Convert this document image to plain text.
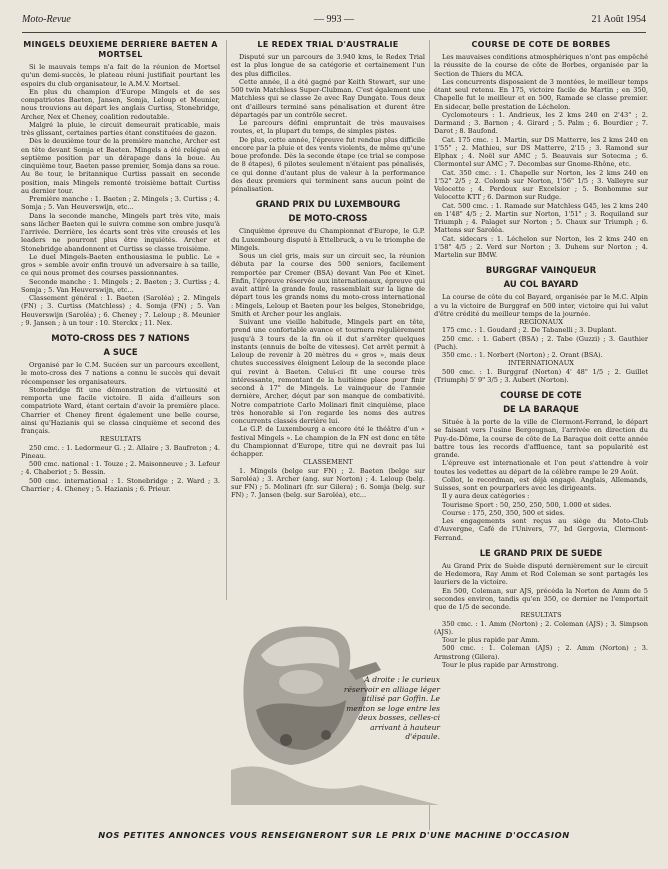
Moto-Revue	— 993 —	21 Août 1954
MINGELS DEUXIEME DERRIERE BAETEN A MORTSEL

Si le mauvais temps n'a fait de la réunion de Mortsel qu'un demi-succès, le plateau réuni justifiait pourtant les espoirs du club organisateur, le A.M.V. Mortsel.

En plus du champion d'Europe Mingels et de ses compatriotes Baeten, Jansen, Somja, Leloup et Meunier, nous trouvions au départ les anglais Curtiss, Stonebridge, Archer, Nex et Cheney, coalition redoutable.

Malgré la pluie, le circuit demeurait praticable, mais très glissant, certaines parties étant constituées de gazon.

Dès le deuxième tour de la première manche, Archer est en tête devant Somja et Baeten. Mingels a été relégué en septième position par un dérapage dans la boue. Au cinquième tour, Baeten passe premier, Somja dans sa roue. Au 8e tour, le britannique Curtiss passait en seconde position, mais Mingels remonté troisième battait Curtiss au dernier tour.

Première manche : 1. Baeten ; 2. Mingels ; 3. Curtiss ; 4. Somja ; 5. Van Heuverswijn, etc...

Dans la seconde manche, Mingels part très vite, mais sans lâcher Baeten qui le suivra comme son ombre jusqu'à l'arrivée. Derrière, les écarts sont très vite creusés et les leaders ne pourront plus être inquiétés. Archer et Stonebridge abandonnent et Curtiss se classe troisième.

Le duel Mingels-Baeten enthousiasma le public. Le « gros » semble avoir enfin trouvé un adversaire à sa taille, ce qui nous promet des courses passionnantes.

Seconde manche : 1. Mingels ; 2. Baeten ; 3. Curtiss ; 4. Somja ; 5. Van Heuverswijn, etc...

Classement général : 1. Baeten (Saroléa) ; 2. Mingels (FN) ; 3. Curtiss (Matchless) ; 4. Somja (FN) ; 5. Van Heuverswijn (Saroléa) ; 6. Cheney ; 7. Leloup ; 8. Meunier ; 9. Jansen ; à un tour : 10. Sterckx ; 11. Nex.

MOTO-CROSS DES 7 NATIONS
A SUCE

Organisé par le C.M. Sucéen sur un parcours excellent, le moto-cross des 7 nations a connu le succès qui devait récompenser les organisateurs.

Stonebridge fit une démonstration de virtuosité et remporta une facile victoire. Il aida d'ailleurs son compatriote Ward, étant certain d'avoir la première place. Charrier et Cheney firent également une belle course, ainsi qu'Hazianis qui se classa cinquième et second des français.

RESULTATS

250 cmc. : 1. Ledormeur G. ; 2. Allaire ; 3. Baufreton ; 4. Pineau.

500 cmc. national : 1. Touze ; 2. Maisonneuve ; 3. Lefeur ; 4. Chaberiot ; 5. Bessin.

500 cmc. international : 1. Stonebridge ; 2. Ward ; 3. Charrier ; 4. Cheney ; 5. Hazianis ; 6. Prieur.

LE REDEX TRIAL D'AUSTRALIE

Disputé sur un parcours de 3.940 kms, le Redex Trial est la plus longue de sa catégorie et certainement l'un des plus difficiles.

Cette année, il a été gagné par Keith Stewart, sur une 500 twin Matchless Super-Clubman. C'est également une Matchless qui se classe 2e avec Ray Dungate. Tous deux ont d'ailleurs terminé sans pénalisation et durent être départagés par un contrôle secret.

Le parcours défini empruntait de très mauvaises routes, et, la plupart du temps, de simples pistes.

De plus, cette année, l'épreuve fut rendue plus difficile encore par la pluie et des vents violents, de même qu'une boue profonde. Dès la seconde étape (ce trial se compose de 8 étapes), 6 pilotes seulement n'étaient pas pénalisés, ce qui donne d'autant plus de valeur à la performance des deux premiers qui terminent sans aucun point de pénalisation.

GRAND PRIX DU LUXEMBOURG
DE MOTO-CROSS

Cinquième épreuve du Championnat d'Europe, le G.P. du Luxembourg disputé à Ettelbruck, a vu le triomphe de Mingels.

Sous un ciel gris, mais sur un circuit sec, la réunion débuta par la course des 500 seniors, facilement remportée par Cremer (BSA) devant Van Pee et Kinet. Enfin, l'épreuve réservée aux internationaux, épreuve qui avait attiré la grande foule, rassemblait sur la ligne de départ tous les grands noms du moto-cross international : Mingels, Leloup et Baeten pour les belges, Stonebridge, Smith et Archer pour les anglais.

Suivant une vieille habitude, Mingels part en tête, prend une confortable avance et tournera régulièrement jusqu'à 3 tours de la fin où il dut s'arrêter quelques instants (ennuis de boîte de vitesses). Cet arrêt permit à Leloup de revenir à 20 mètres du « gros », mais deux chutes successives éloignent Leloup de la seconde place qui revint à Baeten. Celui-ci fit une course très intéressante, remontant de la huitième place pour finir second à 17" de Mingels. Le vainqueur de l'année dernière, Archer, déçut par son manque de combativité. Notre compatriote Carlo Molinari finit cinquième, place très honorable si l'on regarde les noms des autres concurrents classés derrière lui.

Le G.P. de Luxembourg a encore été le théâtre d'un « festival Mingels ». Le champion de la FN est donc en tête du Championnat d'Europe, titre qui ne devrait pas lui échapper.

CLASSEMENT

1. Mingels (belge sur FN) ; 2. Baeten (belge sur Saroléa) ; 3. Archer (ang. sur Norton) ; 4. Leloup (belg. sur FN) ; 5. Molinari (fr. sur Gilera) ; 6. Somja (belg. sur FN) ; 7. Jansen (belg. sur Saroléa), etc...

A droite : le curieux réservoir en alliage léger utilisé par Goffin. Le menton se loge entre les deux bosses, celles-ci arrivant à hauteur d'épaule.
COURSE DE COTE DE BORBES

Les mauvaises conditions atmosphériques n'ont pas empêché la réussite de la course de côte de Borbes, organisée par la Section de Thiers du MCA.

Les concurrents disposaient de 3 montées, le meilleur temps étant seul retenu. En 175, victoire facile de Martin ; en 350, Chapelle fut le meilleur et en 500, Ramade se classe premier. En sidecar, belle prestation de Léchelon.

Cyclomoteurs : 1. Andrieux, les 2 kms 240 en 2'43" ; 2. Darmand ; 3. Barnon ; 4. Girard ; 5. Palm ; 6. Bourdier ; 7. Darot ; 8. Baufond.

Cat. 175 cmc. : 1. Martin, sur DS Matterre, les 2 kms 240 en 1'55" ; 2. Mathieu, sur DS Matterre, 2'15 ; 3. Ramond sur Elphax ; 4. Noël sur AMC ; 5. Beauvais sur Sotecma ; 6. Clermontel sur AMC ; 7. Decombas sur Gnome-Rhône, etc.

Cat. 350 cmc. : 1. Chapelle sur Norton, les 2 kms 240 en 1'52" 2/5 ; 2. Colomb sur Norton, 1'56" 1/5 ; 3. Valleyre sur Velocette ; 4. Perdoux sur Excelsior ; 5. Bonhomme sur Velocette KTT ; 6. Darmon sur Rudge.

Cat. 500 cmc. : 1. Ramade sur Matchless G45, les 2 kms 240 en 1'48" 4/5 ; 2. Martin sur Norton, 1'51" ; 3. Roquiland sur Triumph ; 4. Palaget sur Norton ; 5. Chaux sur Triumph ; 6. Mattens sur Saroléa.

Cat. sidecars : 1. Léchelon sur Norton, les 2 kms 240 en 1'58" 4/5 ; 2. Verd sur Norton ; 3. Duhem sur Norton ; 4. Martelin sur BMW.

BURGGRAF VAINQUEUR
AU COL BAYARD

La course de côte du col Bayard, organisée par le M.C. Alpin a vu la victoire de Burggraf en 500 inter, victoire qui lui valut d'être crédité du meilleur temps de la journée.

REGIONAUX

175 cmc. : 1. Goudard ; 2. De Tabanelli ; 3. Duplant.

250 cmc. : 1. Gabert (BSA) ; 2. Tabe (Guzzi) ; 3. Gauthier (Puch).

350 cmc. : 1. Norbert (Norton) ; 2. Orant (BSA).

INTERNATIONAUX

500 cmc. : 1. Burggraf (Norton) 4' 48" 1/5 ; 2. Guillet (Triumph) 5' 9" 3/5 ; 3. Aubert (Norton).

COURSE DE COTE
DE LA BARAQUE

Située à la porte de la ville de Clermont-Ferrand, le départ se faisant vers l'usine Bergougnan, l'arrivée en direction du Puy-de-Dôme, la course de côte de La Baraque doit cette année battre tous les records d'affluence, tant sa popularité est grande.

L'épreuve est internationale et l'on peut s'attendre à voir toutes les vedettes au départ de la célèbre rampe le 29 Août.

Collot, le recordman, est déjà engagé. Anglais, Allemands, Suisses, sont en pourparlers avec les dirigeants.

Il y aura deux catégories :

Tourisme Sport : 50, 250, 250, 500, 1.000 et sides.

Course : 175, 250, 350, 500 et sides.

Les engagements sont reçus au siège du Moto-Club d'Auvergne, Café de l'Univers, 77, bd Gergovia, Clermont-Ferrand.

LE GRAND PRIX DE SUEDE

Au Grand Prix de Suède disputé dernièrement sur le circuit de Hedemora, Ray Amm et Rod Coleman se sont partagés les lauriers de la victoire.

En 500, Coleman, sur AJS, précéda la Norton de Amm de 5 secondes environ, tandis qu'en 350, ce dernier ne l'emportait que de 1/5 de seconde.

RESULTATS

350 cmc. : 1. Amm (Norton) ; 2. Coleman (AJS) ; 3. Simpson (AJS).

Tour le plus rapide par Amm.

500 cmc. : 1. Coleman (AJS) ; 2. Amm (Norton) ; 3. Armstrong (Gilera).

Tour le plus rapide par Armstrong.

NOS PETITES ANNONCES VOUS RENSEIGNERONT SUR LE PRIX D'UNE MACHINE D'OCCASION
